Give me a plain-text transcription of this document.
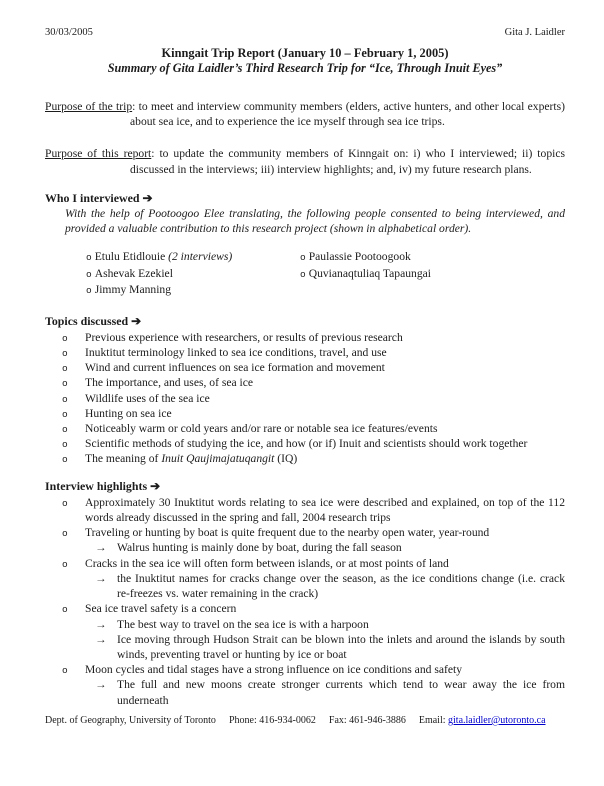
30/03/2005	Gita J. Laidler
Kinngait Trip Report (January 10 – February 1, 2005)
Summary of Gita Laidler’s Third Research Trip for “Ice, Through Inuit Eyes”
Purpose of the trip: to meet and interview community members (elders, active hunters, and other local experts) about sea ice, and to experience the ice myself through sea ice trips.
Purpose of this report: to update the community members of Kinngait on: i) who I interviewed; ii) topics discussed in the interviews; iii) interview highlights; and, iv) my future research plans.
Who I interviewed ➔
With the help of Pootoogoo Elee translating, the following people consented to being interviewed, and provided a valuable contribution to this research project (shown in alphabetical order).
o Etulu Etidlouie (2 interviews)
o Ashevak Ezekiel
o Jimmy Manning
o Paulassie Pootoogook
o Quvianaqtuliaq Tapaungai
Topics discussed ➔
o Previous experience with researchers, or results of previous research
o Inuktitut terminology linked to sea ice conditions, travel, and use
o Wind and current influences on sea ice formation and movement
o The importance, and uses, of sea ice
o Wildlife uses of the sea ice
o Hunting on sea ice
o Noticeably warm or cold years and/or rare or notable sea ice features/events
o Scientific methods of studying the ice, and how (or if) Inuit and scientists should work together
o The meaning of Inuit Qaujimajatuqangit (IQ)
Interview highlights ➔
o Approximately 30 Inuktitut words relating to sea ice were described and explained, on top of the 112 words already discussed in the spring and fall, 2004 research trips
o Traveling or hunting by boat is quite frequent due to the nearby open water, year-round
→ Walrus hunting is mainly done by boat, during the fall season
o Cracks in the sea ice will often form between islands, or at most points of land
→ the Inuktitut names for cracks change over the season, as the ice conditions change (i.e. crack re-freezes vs. water remaining in the crack)
o Sea ice travel safety is a concern
→ The best way to travel on the sea ice is with a harpoon
→ Ice moving through Hudson Strait can be blown into the inlets and around the islands by south winds, preventing travel or hunting by ice or boat
o Moon cycles and tidal stages have a strong influence on ice conditions and safety
→ The full and new moons create stronger currents which tend to wear away the ice from underneath
Dept. of Geography, University of Toronto Phone: 416-934-0062 Fax: 461-946-3886 Email: gita.laidler@utoronto.ca
